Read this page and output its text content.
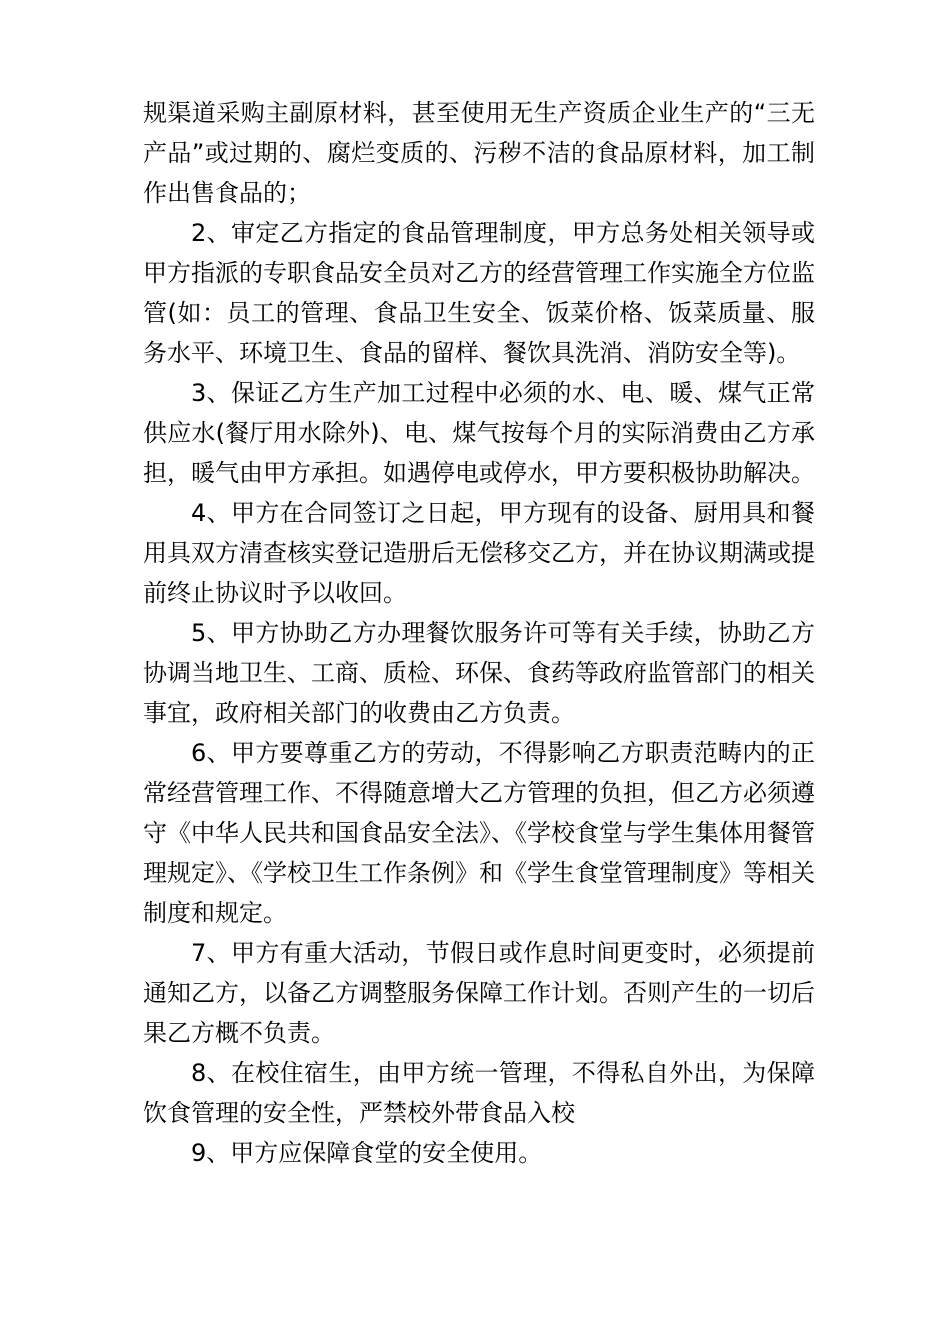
规渠道采购主副原材料，甚至使用无生产资质企业生产的“三无产品”或过期的、腐烂变质的、污秽不洁的食品原材料，加工制作出售食品的；

2、审定乙方指定的食品管理制度，甲方总务处相关领导或甲方指派的专职食品安全员对乙方的经营管理工作实施全方位监管(如：员工的管理、食品卫生安全、饭菜价格、饭菜质量、服务水平、环境卫生、食品的留样、餐饮具洗消、消防安全等)。

3、保证乙方生产加工过程中必须的水、电、暖、煤气正常供应水(餐厅用水除外)、电、煤气按每个月的实际消费由乙方承担，暖气由甲方承担。如遇停电或停水，甲方要积极协助解决。

4、甲方在合同签订之日起，甲方现有的设备、厨用具和餐用具双方清查核实登记造册后无偿移交乙方，并在协议期满或提前终止协议时予以收回。

5、甲方协助乙方办理餐饮服务许可等有关手续，协助乙方协调当地卫生、工商、质检、环保、食药等政府监管部门的相关事宜，政府相关部门的收费由乙方负责。

6、甲方要尊重乙方的劳动，不得影响乙方职责范畴内的正常经营管理工作、不得随意增大乙方管理的负担，但乙方必须遵守《中华人民共和国食品安全法》、《学校食堂与学生集体用餐管理规定》、《学校卫生工作条例》和《学生食堂管理制度》等相关制度和规定。

7、甲方有重大活动，节假日或作息时间更变时，必须提前通知乙方，以备乙方调整服务保障工作计划。否则产生的一切后果乙方概不负责。

8、在校住宿生，由甲方统一管理，不得私自外出，为保障饮食管理的安全性，严禁校外带食品入校

9、甲方应保障食堂的安全使用。
